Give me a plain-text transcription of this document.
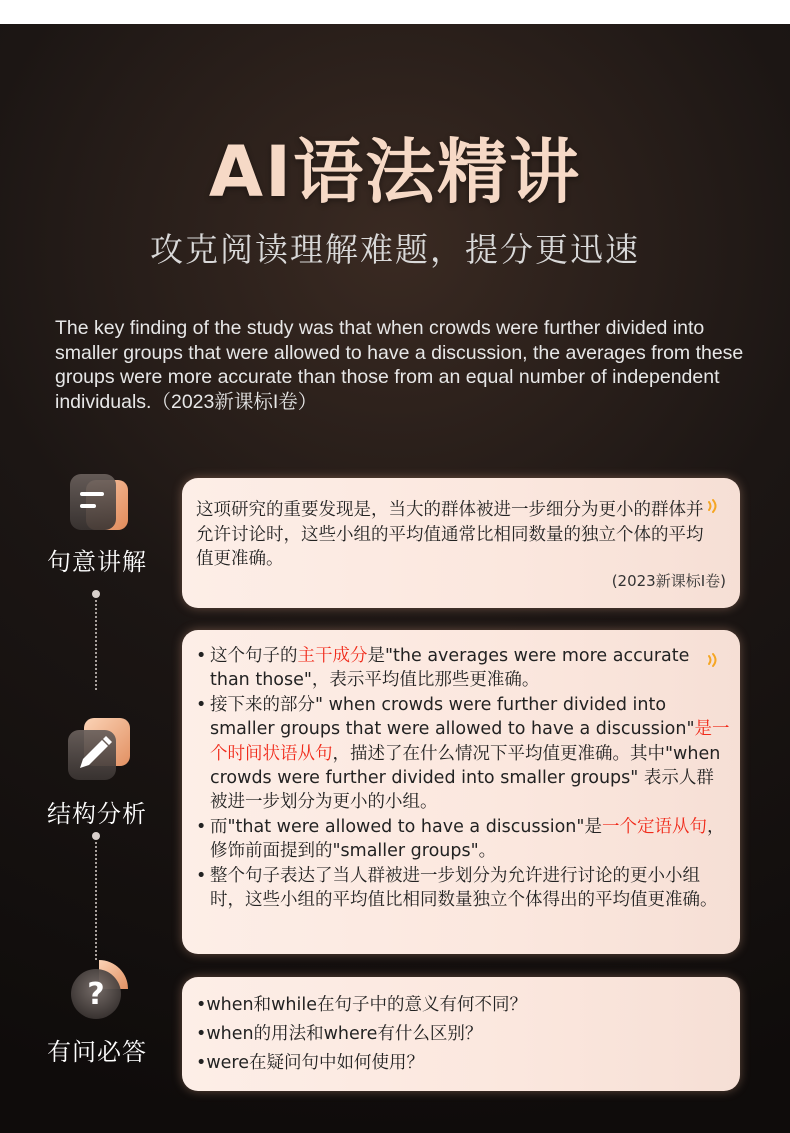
AI语法精讲
攻克阅读理解难题，提分更迅速
The key finding of the study was that when crowds were further divided into smaller groups that were allowed to have a discussion, the averages from these groups were more accurate than those from an equal number of independent individuals.（2023新课标I卷）
句意讲解
结构分析
?
有问必答
这项研究的重要发现是，当大的群体被进一步细分为更小的群体并允许讨论时，这些小组的平均值通常比相同数量的独立个体的平均值更准确。
(2023新课标I卷)
• 这个句子的主干成分是"the averages were more accurate than those"，表示平均值比那些更准确。
• 接下来的部分" when crowds were further divided into smaller groups that were allowed to have a discussion"是一个时间状语从句，描述了在什么情况下平均值更准确。其中"when crowds were further divided into smaller groups" 表示人群被进一步划分为更小的小组。
• 而"that were allowed to have a discussion"是一个定语从句，修饰前面提到的"smaller groups"。
• 整个句子表达了当人群被进一步划分为允许进行讨论的更小小组时，这些小组的平均值比相同数量独立个体得出的平均值更准确。
•when和while在句子中的意义有何不同？
•when的用法和where有什么区别？
•were在疑问句中如何使用？
